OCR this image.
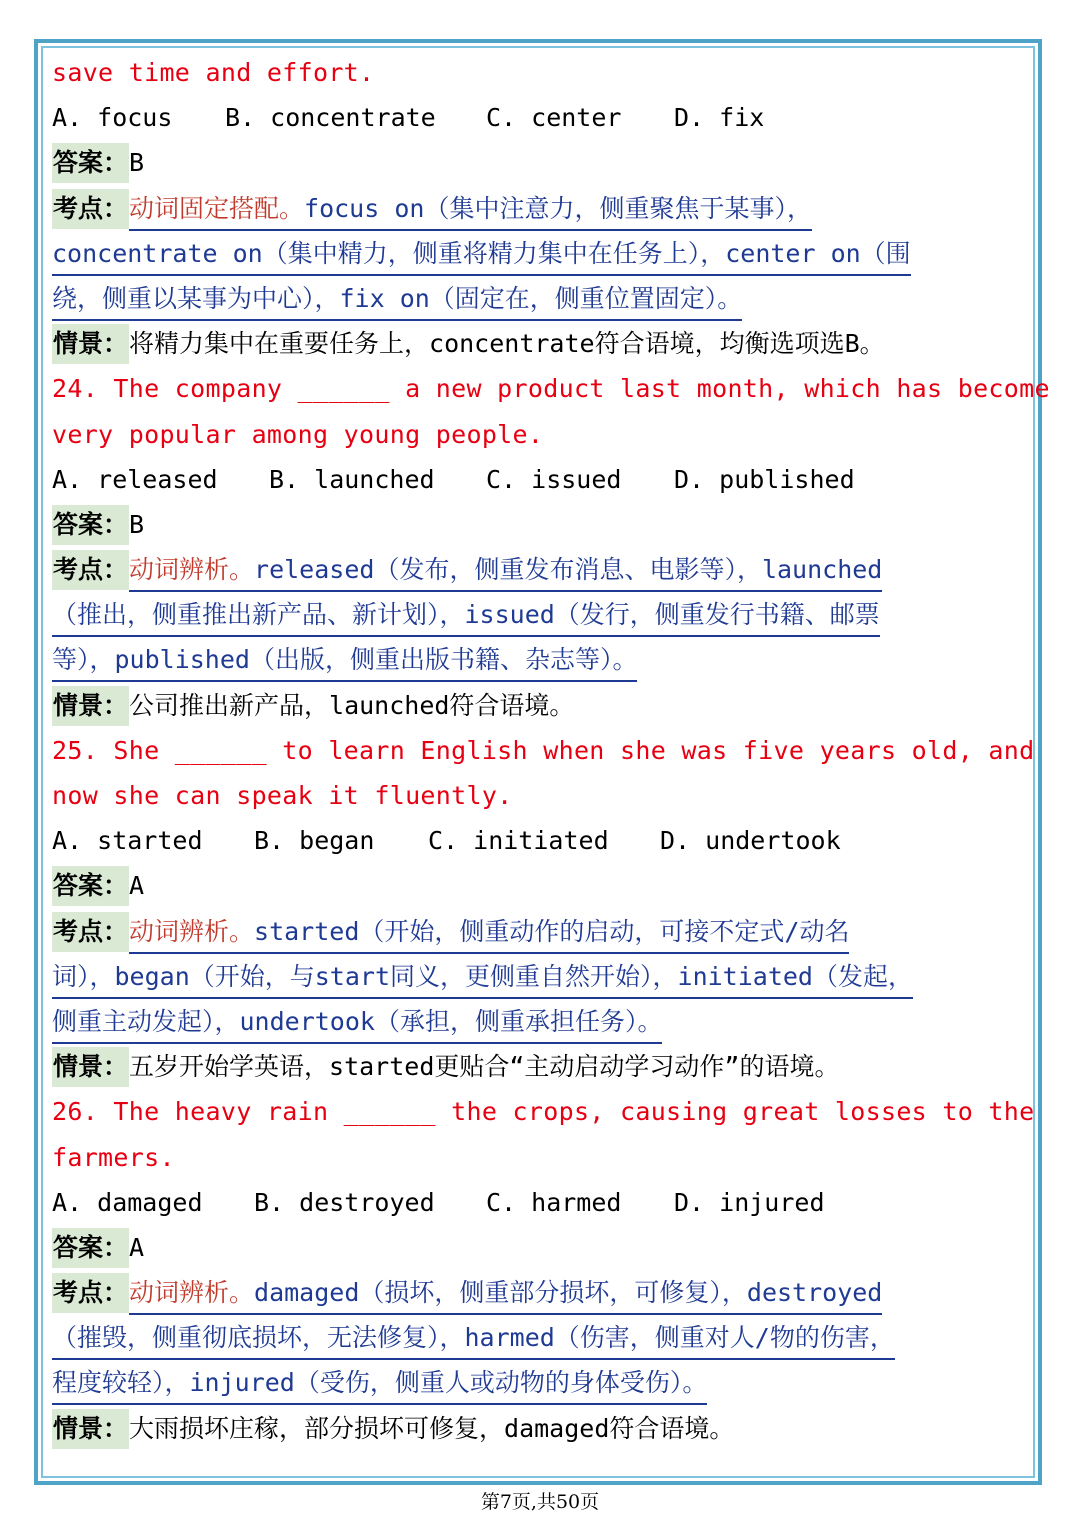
save time and effort.
A. focus B. concentrate C. center D. fix
答案：B
考点：动词固定搭配。focus on（集中注意力，侧重聚焦于某事），
concentrate on（集中精力，侧重将精力集中在任务上），center on（围
绕，侧重以某事为中心），fix on（固定在，侧重位置固定）。
情景：将精力集中在重要任务上，concentrate符合语境，均衡选项选B。
24. The company ______ a new product last month, which has become
very popular among young people.
A. released B. launched C. issued D. published
答案：B
考点：动词辨析。released（发布，侧重发布消息、电影等），launched
（推出，侧重推出新产品、新计划），issued（发行，侧重发行书籍、邮票
等），published（出版，侧重出版书籍、杂志等）。
情景：公司推出新产品，launched符合语境。
25. She ______ to learn English when she was five years old, and
now she can speak it fluently.
A. started B. began C. initiated D. undertook
答案：A
考点：动词辨析。started（开始，侧重动作的启动，可接不定式/动名
词），began（开始，与start同义，更侧重自然开始），initiated（发起，
侧重主动发起），undertook（承担，侧重承担任务）。
情景：五岁开始学英语，started更贴合“主动启动学习动作”的语境。
26. The heavy rain ______ the crops, causing great losses to the
farmers.
A. damaged B. destroyed C. harmed D. injured
答案：A
考点：动词辨析。damaged（损坏，侧重部分损坏，可修复），destroyed
（摧毁，侧重彻底损坏，无法修复），harmed（伤害，侧重对人/物的伤害，
程度较轻），injured（受伤，侧重人或动物的身体受伤）。
情景：大雨损坏庄稼，部分损坏可修复，damaged符合语境。
第7页,共50页
